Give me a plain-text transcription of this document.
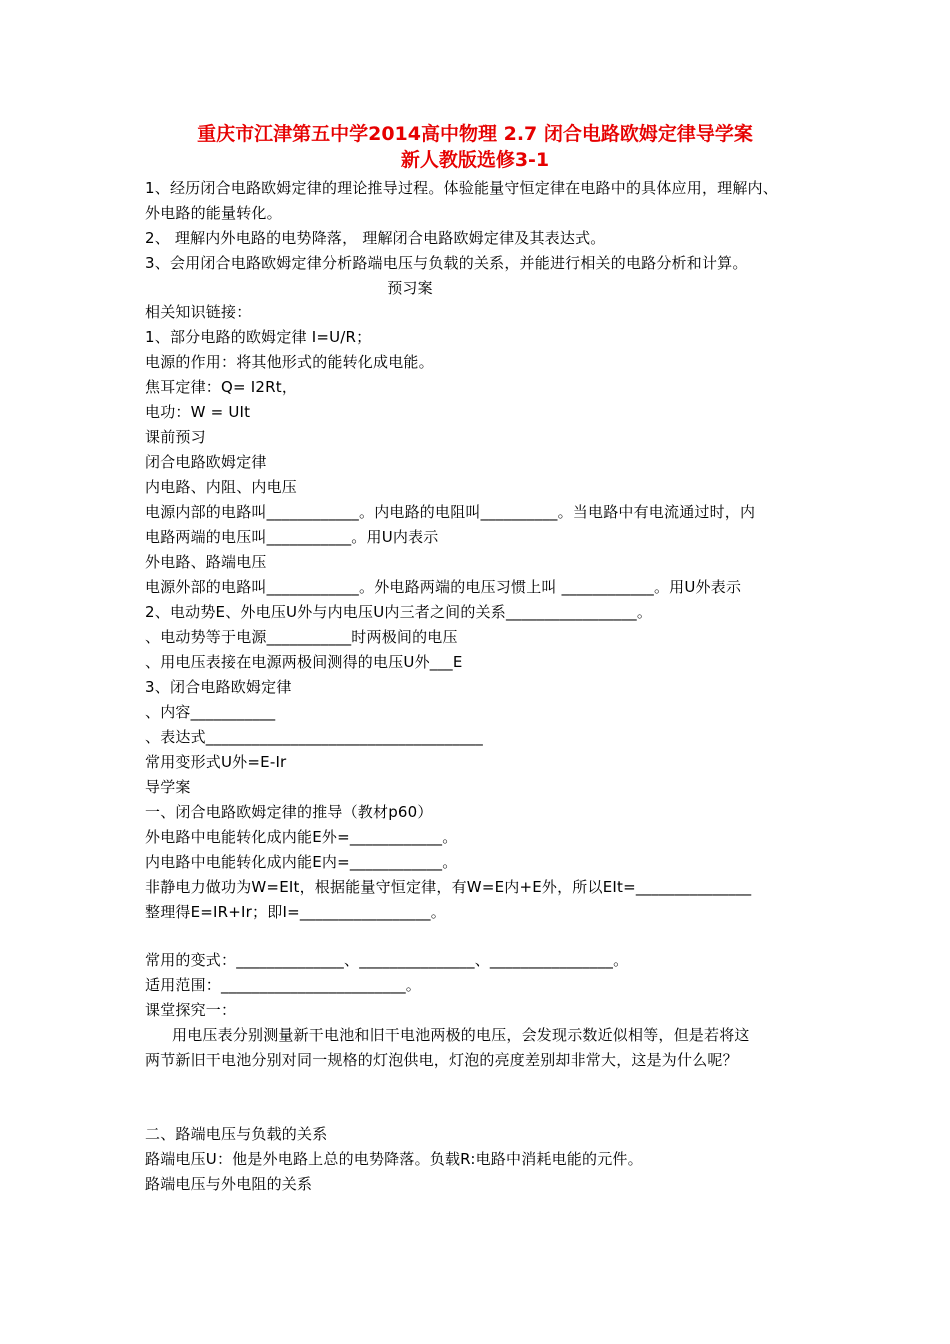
重庆市江津第五中学2014高中物理 2.7 闭合电路欧姆定律导学案
新人教版选修3-1
1、经历闭合电路欧姆定律的理论推导过程。体验能量守恒定律在电路中的具体应用，理解内、
外电路的能量转化。
2、 理解内外电路的电势降落， 理解闭合电路欧姆定律及其表达式。
3、会用闭合电路欧姆定律分析路端电压与负载的关系，并能进行相关的电路分析和计算。
预习案
相关知识链接：
1、部分电路的欧姆定律 I=U/R；
电源的作用：将其他形式的能转化成电能。
焦耳定律：Q= I2Rt，
电功：W = UIt
课前预习
闭合电路欧姆定律
内电路、内阻、内电压
电源内部的电路叫____________。内电路的电阻叫__________。当电路中有电流通过时，内
电路两端的电压叫___________。用U内表示
外电路、路端电压
电源外部的电路叫____________。外电路两端的电压习惯上叫 ____________。用U外表示
2、电动势E、外电压U外与内电压U内三者之间的关系_________________。
、电动势等于电源___________时两极间的电压
、用电压表接在电源两极间测得的电压U外___E
3、闭合电路欧姆定律
、内容___________
、表达式____________________________________
常用变形式U外=E-Ir
导学案
一、闭合电路欧姆定律的推导（教材p60）
外电路中电能转化成内能E外=____________。
内电路中电能转化成内能E内=____________。
非静电力做功为W=EIt，根据能量守恒定律，有W=E内+E外，所以EIt=_______________
整理得E=IR+Ir；即I=_________________。
常用的变式：______________、_______________、________________。
适用范围：________________________。
课堂探究一：
用电压表分别测量新干电池和旧干电池两极的电压，会发现示数近似相等，但是若将这
两节新旧干电池分别对同一规格的灯泡供电，灯泡的亮度差别却非常大，这是为什么呢？
二、路端电压与负载的关系
路端电压U：他是外电路上总的电势降落。负载R:电路中消耗电能的元件。
路端电压与外电阻的关系
